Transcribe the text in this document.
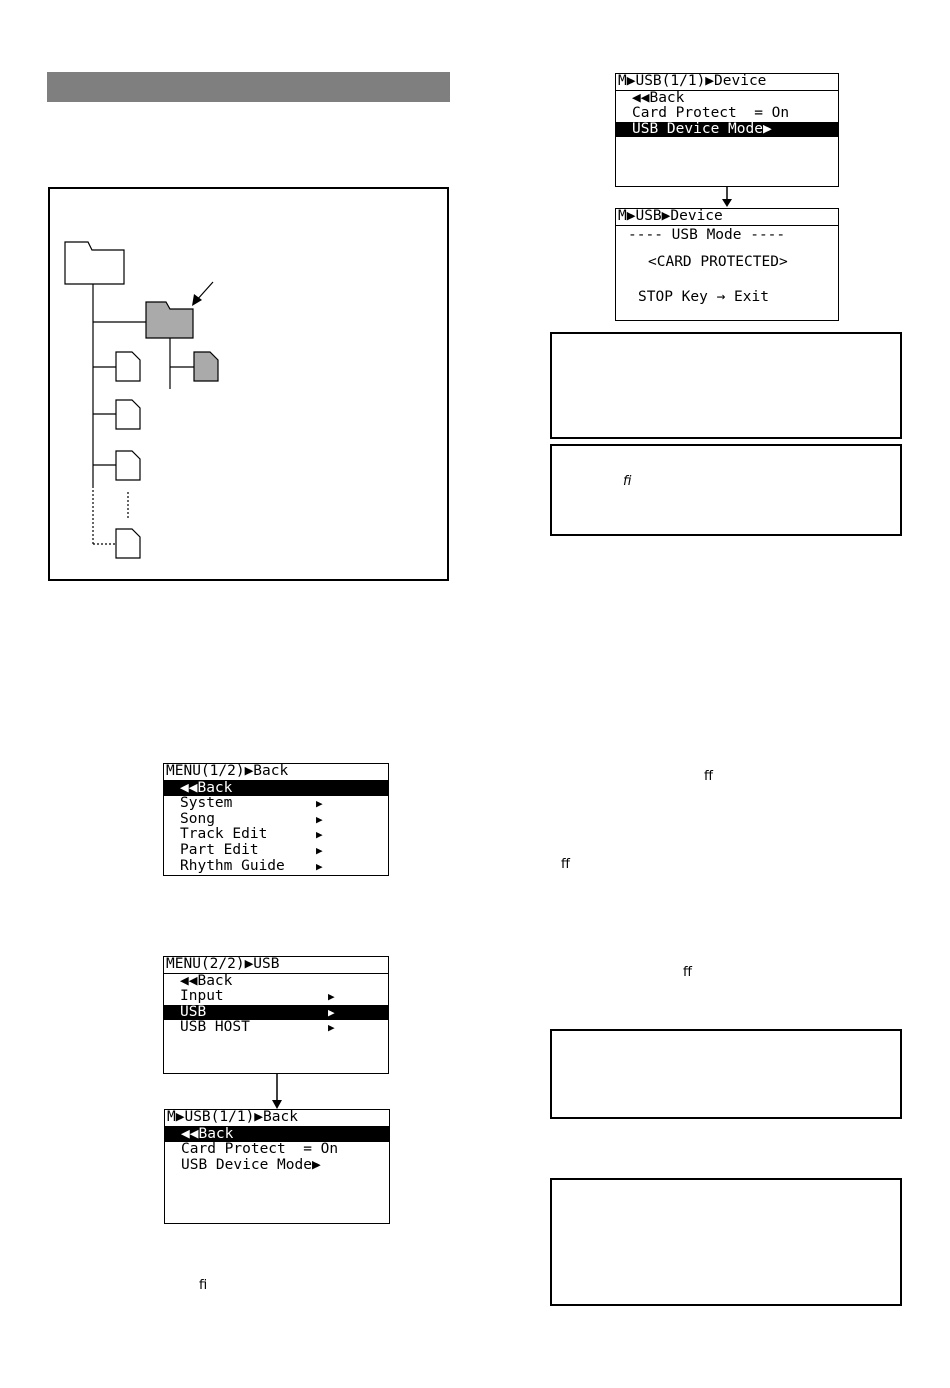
MENU(1/2)▶Back
▼ ◀◀Back
System	▶
Song	▶
Track Edit	▶
Part Edit	▶
Rhythm Guide	▶
MENU(2/2)▶USB
◀◀Back
Input	▶
⇕ USB	▶
USB HOST	▶
M▶USB(1/1)▶Back
▼ ◀◀Back
Card Protect  = On
USB Device Mode▶
fi
M▶USB(1/1)▶Device
◀◀Back
Card Protect  = On
▲ USB Device Mode▶
M▶USB▶Device
---- USB Mode ----
<CARD PROTECTED>
STOP Key → Exit
fi
ff
ff
ff
